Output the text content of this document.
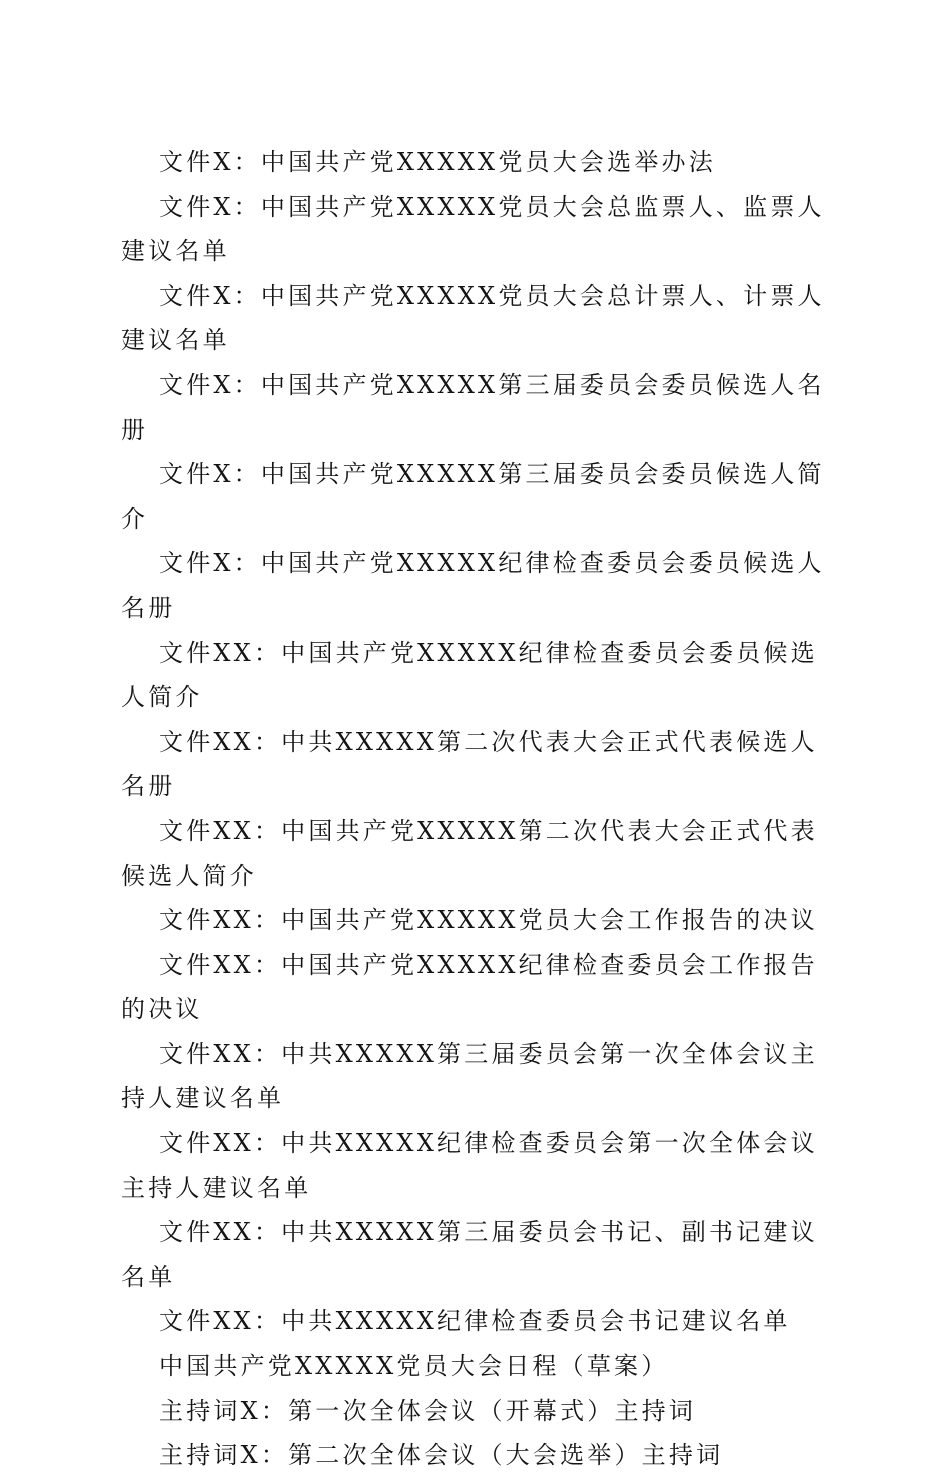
文件X：中国共产党XXXXX党员大会选举办法

文件X：中国共产党XXXXX党员大会总监票人、监票人建议名单

文件X：中国共产党XXXXX党员大会总计票人、计票人建议名单

文件X：中国共产党XXXXX第三届委员会委员候选人名册

文件X：中国共产党XXXXX第三届委员会委员候选人简介

文件X：中国共产党XXXXX纪律检查委员会委员候选人名册

文件XX：中国共产党XXXXX纪律检查委员会委员候选人简介

文件XX：中共XXXXX第二次代表大会正式代表候选人名册

文件XX：中国共产党XXXXX第二次代表大会正式代表候选人简介

文件XX：中国共产党XXXXX党员大会工作报告的决议

文件XX：中国共产党XXXXX纪律检查委员会工作报告的决议

文件XX：中共XXXXX第三届委员会第一次全体会议主持人建议名单

文件XX：中共XXXXX纪律检查委员会第一次全体会议主持人建议名单

文件XX：中共XXXXX第三届委员会书记、副书记建议名单

文件XX：中共XXXXX纪律检查委员会书记建议名单

中国共产党XXXXX党员大会日程（草案）

主持词X：第一次全体会议（开幕式）主持词

主持词X：第二次全体会议（大会选举）主持词
